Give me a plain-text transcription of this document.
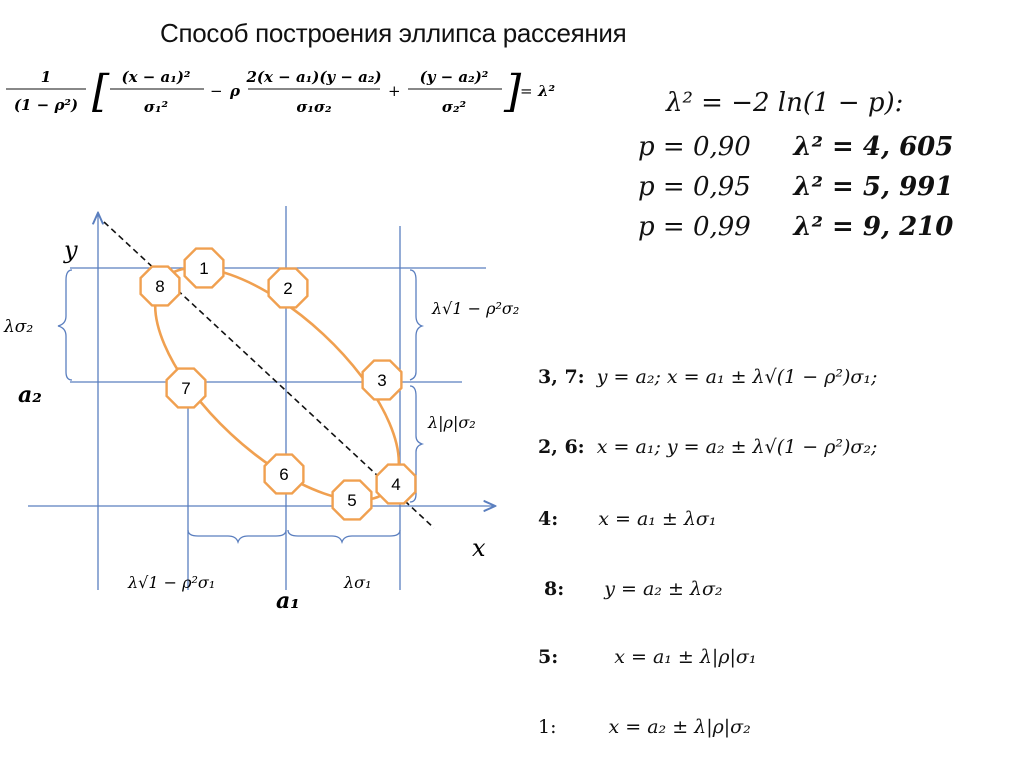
Способ построения эллипса рассеяния
1
(1 − ρ²) [ (x − a₁)²
σ₁²
− ρ
2(x − a₁)(y − a₂)
σ₁σ₂
+
(y − a₂)²
σ₂² ]
= λ²	λ² = −2 ln(1 − p):
p = 0,90 λ² = 4, 605
p = 0,95 λ² = 5, 991
p = 0,99 λ² = 9, 210
3, 7: y = a₂; x = a₁ ± λ√(1 − ρ²)σ₁;
2, 6: x = a₁; y = a₂ ± λ√(1 − ρ²)σ₂;
4: x = a₁ ± λσ₁
8: y = a₂ ± λσ₂
5:	x = a₁ ± λ|ρ|σ₁
1:	x = a₂ ± λ|ρ|σ₂
y
x
a₂
a₁
λσ₂
λ√1 − ρ²σ₂
λ|ρ|σ₂
λ√1 − ρ²σ₁	λσ₁
1
2
3
4
5
6
7
8
